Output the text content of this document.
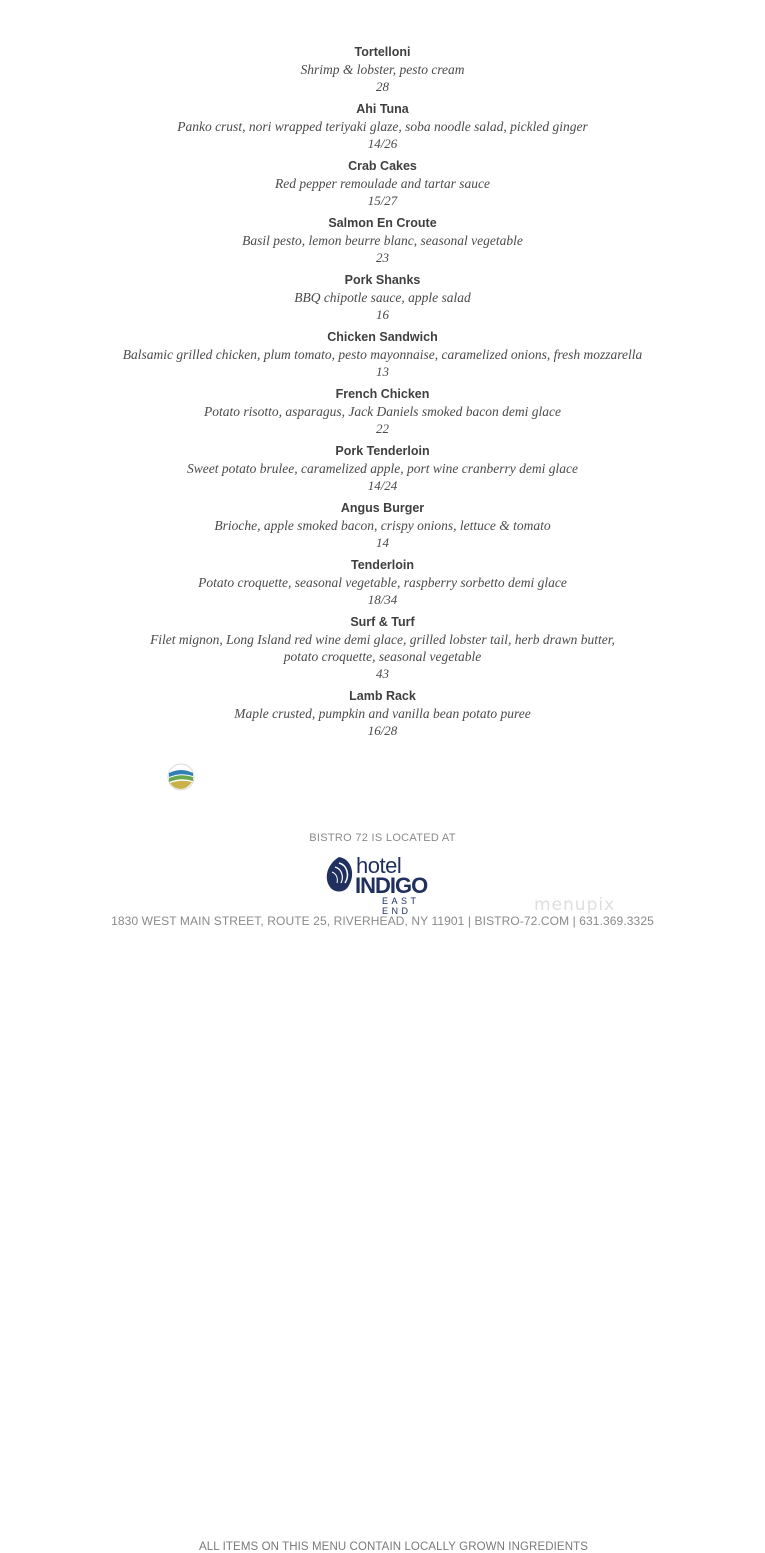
Tortelloni
Shrimp & lobster, pesto cream
28
Ahi Tuna
Panko crust, nori wrapped teriyaki glaze, soba noodle salad, pickled ginger
14/26
Crab Cakes
Red pepper remoulade and tartar sauce
15/27
Salmon En Croute
Basil pesto, lemon beurre blanc, seasonal vegetable
23
Pork Shanks
BBQ chipotle sauce, apple salad
16
Chicken Sandwich
Balsamic grilled chicken, plum tomato, pesto mayonnaise, caramelized onions, fresh mozzarella
13
French Chicken
Potato risotto, asparagus, Jack Daniels smoked bacon demi glace
22
Pork Tenderloin
Sweet potato brulee, caramelized apple, port wine cranberry demi glace
14/24
Angus Burger
Brioche, apple smoked bacon, crispy onions, lettuce & tomato
14
Tenderloin
Potato croquette, seasonal vegetable, raspberry sorbetto demi glace
18/34
Surf & Turf
Filet mignon, Long Island red wine demi glace, grilled lobster tail, herb drawn butter,
potato croquette, seasonal vegetable
43
Lamb Rack
Maple crusted, pumpkin and vanilla bean potato puree
16/28
ALL ITEMS ON THIS MENU CONTAIN LOCALLY GROWN INGREDIENTS
BISTRO 72 IS LOCATED AT
hotel
INDIGO
EAST END	menupix
1830 WEST MAIN STREET, ROUTE 25, RIVERHEAD, NY 11901 | BISTRO-72.COM | 631.369.3325
